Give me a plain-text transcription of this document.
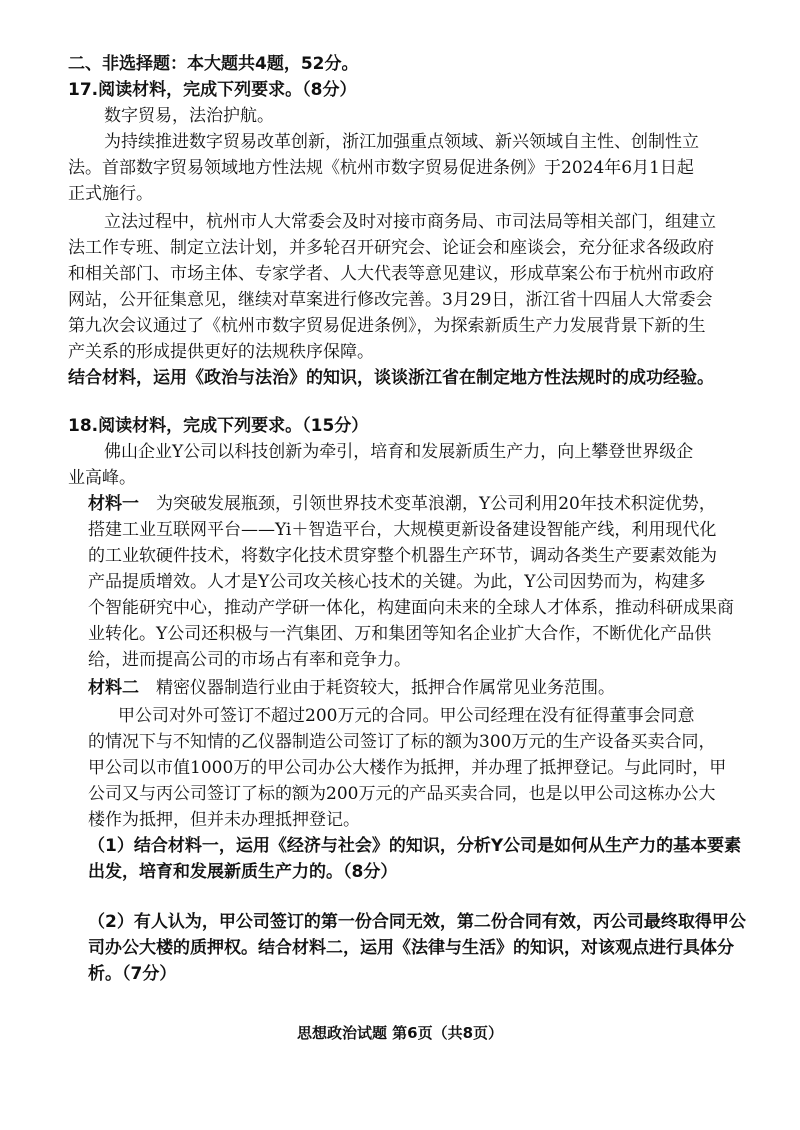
二、非选择题：本大题共4题，52分。
17.阅读材料，完成下列要求。（8分）
数字贸易，法治护航。
为持续推进数字贸易改革创新，浙江加强重点领域、新兴领域自主性、创制性立
法。首部数字贸易领域地方性法规《杭州市数字贸易促进条例》于2024年6月1日起
正式施行。
立法过程中，杭州市人大常委会及时对接市商务局、市司法局等相关部门，组建立
法工作专班、制定立法计划，并多轮召开研究会、论证会和座谈会，充分征求各级政府
和相关部门、市场主体、专家学者、人大代表等意见建议，形成草案公布于杭州市政府
网站，公开征集意见，继续对草案进行修改完善。3月29日，浙江省十四届人大常委会
第九次会议通过了《杭州市数字贸易促进条例》，为探索新质生产力发展背景下新的生
产关系的形成提供更好的法规秩序保障。
结合材料，运用《政治与法治》的知识，谈谈浙江省在制定地方性法规时的成功经验。
18.阅读材料，完成下列要求。（15分）
佛山企业Y公司以科技创新为牵引，培育和发展新质生产力，向上攀登世界级企
业高峰。
材料一　 为突破发展瓶颈，引领世界技术变革浪潮，Y公司利用20年技术积淀优势，
搭建工业互联网平台——Yi＋智造平台，大规模更新设备建设智能产线，利用现代化
的工业软硬件技术，将数字化技术贯穿整个机器生产环节，调动各类生产要素效能为
产品提质增效。人才是Y公司攻关核心技术的关键。为此，Y公司因势而为，构建多
个智能研究中心，推动产学研一体化，构建面向未来的全球人才体系，推动科研成果商
业转化。Y公司还积极与一汽集团、万和集团等知名企业扩大合作，不断优化产品供
给，进而提高公司的市场占有率和竞争力。
材料二　 精密仪器制造行业由于耗资较大，抵押合作属常见业务范围。
甲公司对外可签订不超过200万元的合同。甲公司经理在没有征得董事会同意
的情况下与不知情的乙仪器制造公司签订了标的额为300万元的生产设备买卖合同，
甲公司以市值1000万的甲公司办公大楼作为抵押，并办理了抵押登记。与此同时，甲
公司又与丙公司签订了标的额为200万元的产品买卖合同，也是以甲公司这栋办公大
楼作为抵押，但并未办理抵押登记。
（1）结合材料一，运用《经济与社会》的知识，分析Y公司是如何从生产力的基本要素
出发，培育和发展新质生产力的。（8分）
（2）有人认为，甲公司签订的第一份合同无效，第二份合同有效，丙公司最终取得甲公
司办公大楼的质押权。结合材料二，运用《法律与生活》的知识，对该观点进行具体分
析。（7分）
思想政治试题 第6页（共8页）
